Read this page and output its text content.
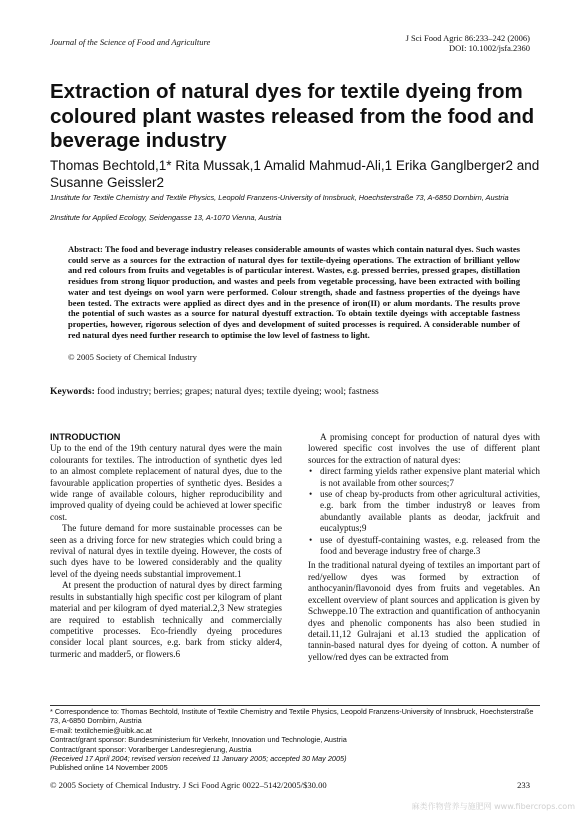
Journal of the Science of Food and Agriculture	J Sci Food Agric 86:233–242 (2006)
DOI: 10.1002/jsfa.2360
Extraction of natural dyes for textile dyeing from coloured plant wastes released from the food and beverage industry
Thomas Bechtold,1* Rita Mussak,1 Amalid Mahmud-Ali,1 Erika Ganglberger2 and Susanne Geissler2
1Institute for Textile Chemistry and Textile Physics, Leopold Franzens-University of Innsbruck, Hoechsterstraße 73, A-6850 Dornbirn, Austria
2Institute for Applied Ecology, Seidengasse 13, A-1070 Vienna, Austria
Abstract: The food and beverage industry releases considerable amounts of wastes which contain natural dyes. Such wastes could serve as a sources for the extraction of natural dyes for textile-dyeing operations. The extraction of brilliant yellow and red colours from fruits and vegetables is of particular interest. Wastes, e.g. pressed berries, pressed grapes, distillation residues from strong liquor production, and wastes and peels from vegetable processing, have been extracted with boiling water and test dyeings on wool yarn were performed. Colour strength, shade and fastness properties of the dyeings have been tested. The extracts were applied as direct dyes and in the presence of iron(II) or alum mordants. The results prove the potential of such wastes as a source for natural dyestuff extraction. To obtain textile dyeings with acceptable fastness properties, however, rigorous selection of dyes and development of suited processes is required. A considerable number of red natural dyes need further research to optimise the low level of fastness to light.
© 2005 Society of Chemical Industry
Keywords: food industry; berries; grapes; natural dyes; textile dyeing; wool; fastness
INTRODUCTION

Up to the end of the 19th century natural dyes were the main colourants for textiles. The introduction of synthetic dyes led to an almost complete replacement of natural dyes, due to the favourable application properties of synthetic dyes. Besides a wide range of available colours, higher reproducibility and improved quality of dyeing could be achieved at lower specific cost.

The future demand for more sustainable processes can be seen as a driving force for new strategies which could bring a revival of natural dyes in textile dyeing. However, the costs of such dyes have to be lowered considerably and the quality level of the dyeing needs substantial improvement.1

At present the production of natural dyes by direct farming results in substantially high specific cost per kilogram of plant material and per kilogram of dyed material.2,3 New strategies are required to establish technically and commercially competitive processes. Eco-friendly dyeing procedures consider local plant sources, e.g. bark from sticky alder4, turmeric and madder5, or flowers.6

A promising concept for production of natural dyes with lowered specific cost involves the use of different plant sources for the extraction of natural dyes:

• direct farming yields rather expensive plant material which is not available from other sources;7
• use of cheap by-products from other agricultural activities, e.g. bark from the timber industry8 or leaves from abundantly available plants as deodar, jackfruit and eucalyptus;9
• use of dyestuff-containing wastes, e.g. released from the food and beverage industry free of charge.3

In the traditional natural dyeing of textiles an important part of red/yellow dyes was formed by extraction of anthocyanin/flavonoid dyes from fruits and vegetables. An excellent overview of plant sources and application is given by Schweppe.10 The extraction and quantification of anthocyanin dyes and phenolic components has also been studied in detail.11,12 Gulrajani et al.13 studied the application of tannin-based natural dyes for dyeing of cotton. A number of yellow/red dyes can be extracted from

* Correspondence to: Thomas Bechtold, Institute of Textile Chemistry and Textile Physics, Leopold Franzens-University of Innsbruck, Hoechsterstraße 73, A-6850 Dornbirn, Austria
E-mail: textilchemie@uibk.ac.at
Contract/grant sponsor: Bundesministerium für Verkehr, Innovation und Technologie, Austria
Contract/grant sponsor: Vorarlberger Landesregierung, Austria
(Received 17 April 2004; revised version received 11 January 2005; accepted 30 May 2005)
Published online 14 November 2005
© 2005 Society of Chemical Industry. J Sci Food Agric 0022–5142/2005/$30.00	233
麻类作物营养与施肥网 www.fibercrops.com
